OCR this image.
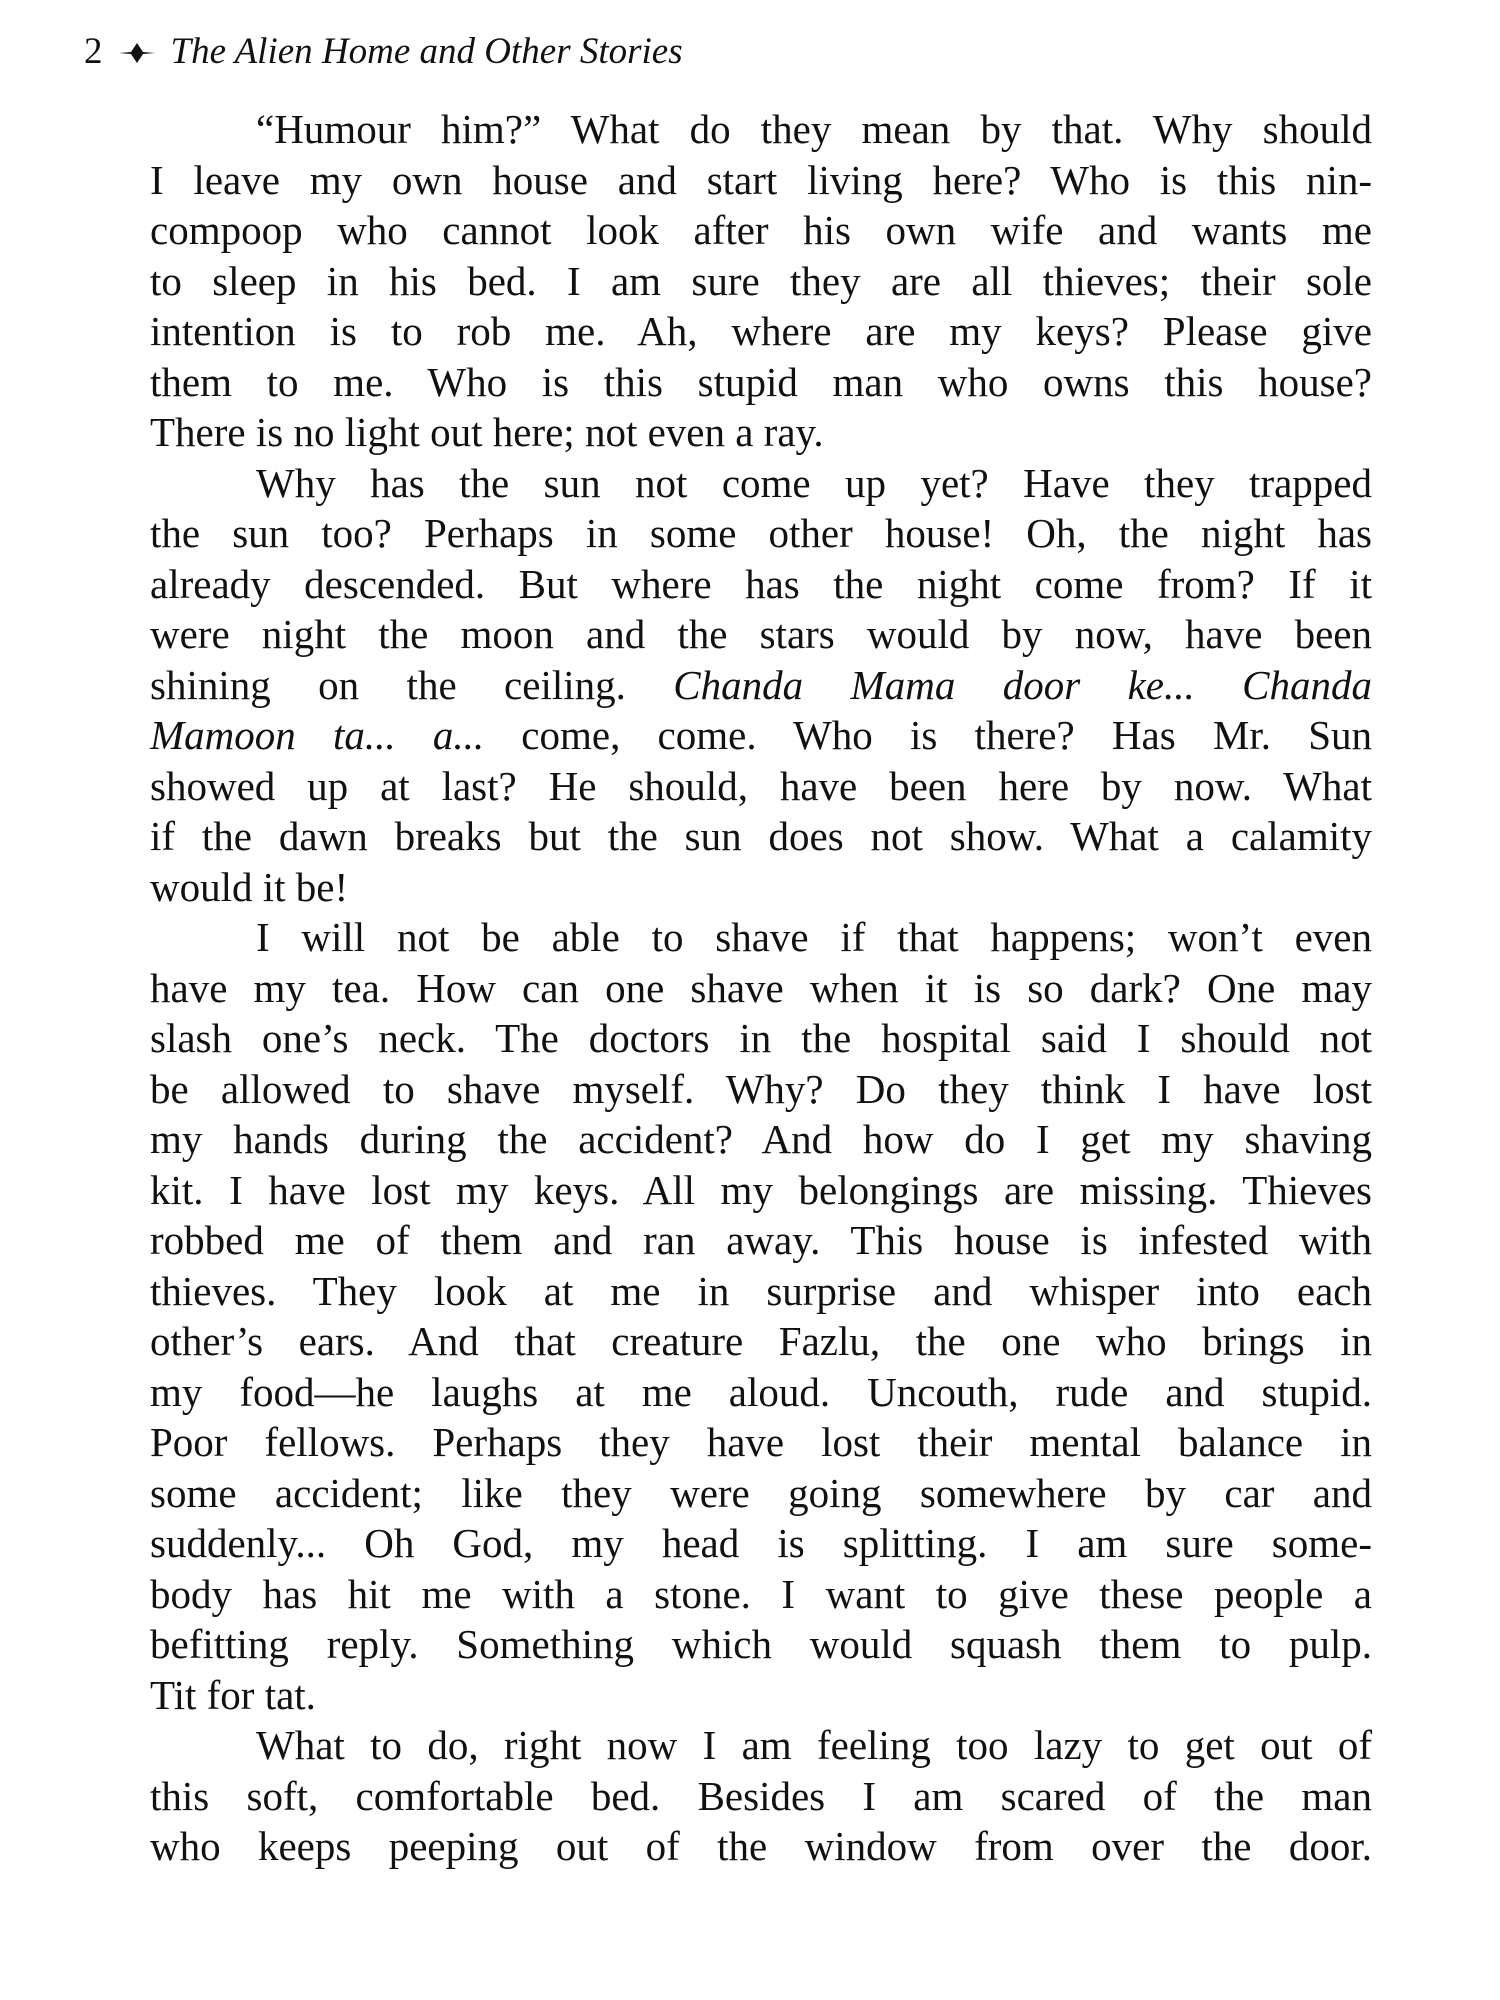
2 The Alien Home and Other Stories
“Humour him?” What do they mean by that. Why should
I leave my own house and start living here? Who is this nin-
compoop who cannot look after his own wife and wants me
to sleep in his bed. I am sure they are all thieves; their sole
intention is to rob me. Ah, where are my keys? Please give
them to me. Who is this stupid man who owns this house?
There is no light out here; not even a ray.
Why has the sun not come up yet? Have they trapped
the sun too? Perhaps in some other house! Oh, the night has
already descended. But where has the night come from? If it
were night the moon and the stars would by now, have been
shining on the ceiling. Chanda Mama door ke... Chanda
Mamoon ta... a... come, come. Who is there? Has Mr. Sun
showed up at last? He should, have been here by now. What
if the dawn breaks but the sun does not show. What a calamity
would it be!
I will not be able to shave if that happens; won’t even
have my tea. How can one shave when it is so dark? One may
slash one’s neck. The doctors in the hospital said I should not
be allowed to shave myself. Why? Do they think I have lost
my hands during the accident? And how do I get my shaving
kit. I have lost my keys. All my belongings are missing. Thieves
robbed me of them and ran away. This house is infested with
thieves. They look at me in surprise and whisper into each
other’s ears. And that creature Fazlu, the one who brings in
my food—he laughs at me aloud. Uncouth, rude and stupid.
Poor fellows. Perhaps they have lost their mental balance in
some accident; like they were going somewhere by car and
suddenly... Oh God, my head is splitting. I am sure some-
body has hit me with a stone. I want to give these people a
befitting reply. Something which would squash them to pulp.
Tit for tat.
What to do, right now I am feeling too lazy to get out of
this soft, comfortable bed. Besides I am scared of the man
who keeps peeping out of the window from over the door.
